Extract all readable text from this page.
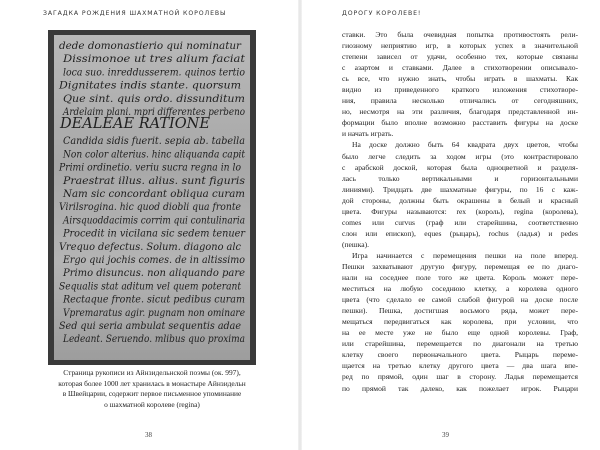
ЗАГАДКА РОЖДЕНИЯ ШАХМАТНОЙ КОРОЛЕВЫ
dede domonastierio qui nominatur
Dissimonoe ut tres alium faciat
loca suo. inreddusserem. quinos tertio
Dignitates indis stante. quorsum
Que sint. quis ordo. dissunditum
Ardelaim plani. mpri differentes perbeno
DEALEAE RATIONE
Candida sidis fuerit. sepia ab. tabella
Non color alterius. hinc aliquanda capit
Primi ordinetio. veriu sucra regna in lo
Praestrat illus. alius. sunt figuris
Nam sic concordant obliqua curam
Virilsrogina. hic quod diobli qua fronte
Airsquoddacimis corrim qui contulinaria
Procedit in vicilana sic sedem tenuer
Vrequo defectus. Solum. diagono alc
Ergo qui jochis comes. de in altissimo
Primo disuncus. non aliquando pare
Sequalis stat aditum vel quem poterant
Rectaque fronte. sicut pedibus curam
Vpremaratus agir. pugnam non ominare
Sed qui seria ambulat sequentis adae
Ledeant. Seruendo. mlibus quo proxima
Страница рукописи из Айнзидельнской поэмы (ок. 997),
которая более 1000 лет хранилась в монастыре Айнзидельн
в Швейцарии, содержит первое письменное упоминание
о шахматной королеве (regina)
38
ДОРОГУ КОРОЛЕВЕ!
ставки. Это была очевидная попытка противостоять рели-
гиозному неприятию игр, в которых успех в значительной
степени зависел от удачи, особенно тех, которые связаны
с азартом и ставками. Далее в стихотворении описывало-
сь все, что нужно знать, чтобы играть в шахматы. Как
видно из приведенного краткого изложения стихотворе-
ния, правила несколько отличались от сегодняшних,
но, несмотря на эти различия, благодаря представленной ин-
формации было вполне возможно расставить фигуры на доске
и начать играть.
На доске должно быть 64 квадрата двух цветов, чтобы
было легче следить за ходом игры (это контрастировало
с арабской доской, которая была одноцветной и разделя-
лась только вертикальными и горизонтальными
линиями). Тридцать две шахматные фигуры, по 16 с каж-
дой стороны, должны быть окрашены в белый и красный
цвета. Фигуры называются: rex (король), regina (королева),
comes или curvus (граф или старейшина, соответственно
слон или епископ), eques (рыцарь), rochus (ладья) и pedes
(пешка).
Игра начинается с перемещения пешки на поле вперед.
Пешки захватывают другую фигуру, перемещая ее по диаго-
нали на соседнее поле того же цвета. Король может пере-
меститься на любую соседнюю клетку, а королева одного
цвета (что сделало ее самой слабой фигурой на доске после
пешки). Пешка, достигшая восьмого ряда, может пере-
мещаться передвигаться как королева, при условии, что
на ее месте уже не было еще одной королевы. Граф,
или старейшина, перемещается по диагонали на третью
клетку своего первоначального цвета. Рыцарь переме-
щается на третью клетку другого цвета — два шага впе-
ред по прямой, один шаг в сторону. Ладья перемещается
по прямой так далеко, как пожелает игрок. Рыцари
39
